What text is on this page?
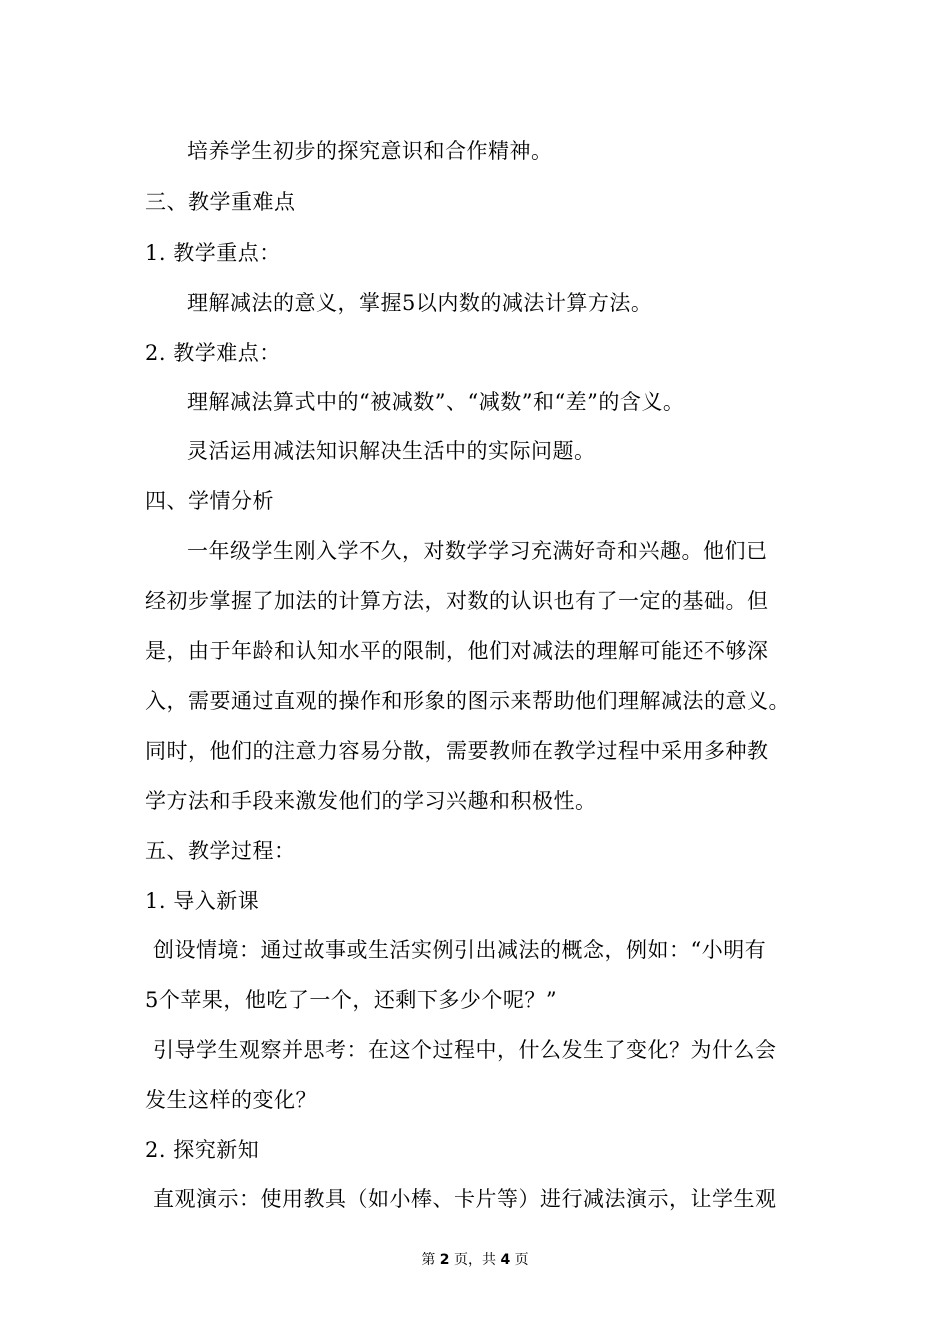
培养学生初步的探究意识和合作精神。
三、教学重难点
1. 教学重点：
理解减法的意义，掌握5以内数的减法计算方法。
2. 教学难点：
理解减法算式中的“被减数”、“减数”和“差”的含义。
灵活运用减法知识解决生活中的实际问题。
四、学情分析
一年级学生刚入学不久，对数学学习充满好奇和兴趣。他们已
经初步掌握了加法的计算方法，对数的认识也有了一定的基础。但
是，由于年龄和认知水平的限制，他们对减法的理解可能还不够深
入，需要通过直观的操作和形象的图示来帮助他们理解减法的意义。
同时，他们的注意力容易分散，需要教师在教学过程中采用多种教
学方法和手段来激发他们的学习兴趣和积极性。
五、教学过程：
1. 导入新课
创设情境：通过故事或生活实例引出减法的概念，例如：“小明有
5个苹果，他吃了一个，还剩下多少个呢？”
引导学生观察并思考：在这个过程中，什么发生了变化？为什么会
发生这样的变化？
2. 探究新知
直观演示：使用教具（如小棒、卡片等）进行减法演示，让学生观
第 2 页，共 4 页
